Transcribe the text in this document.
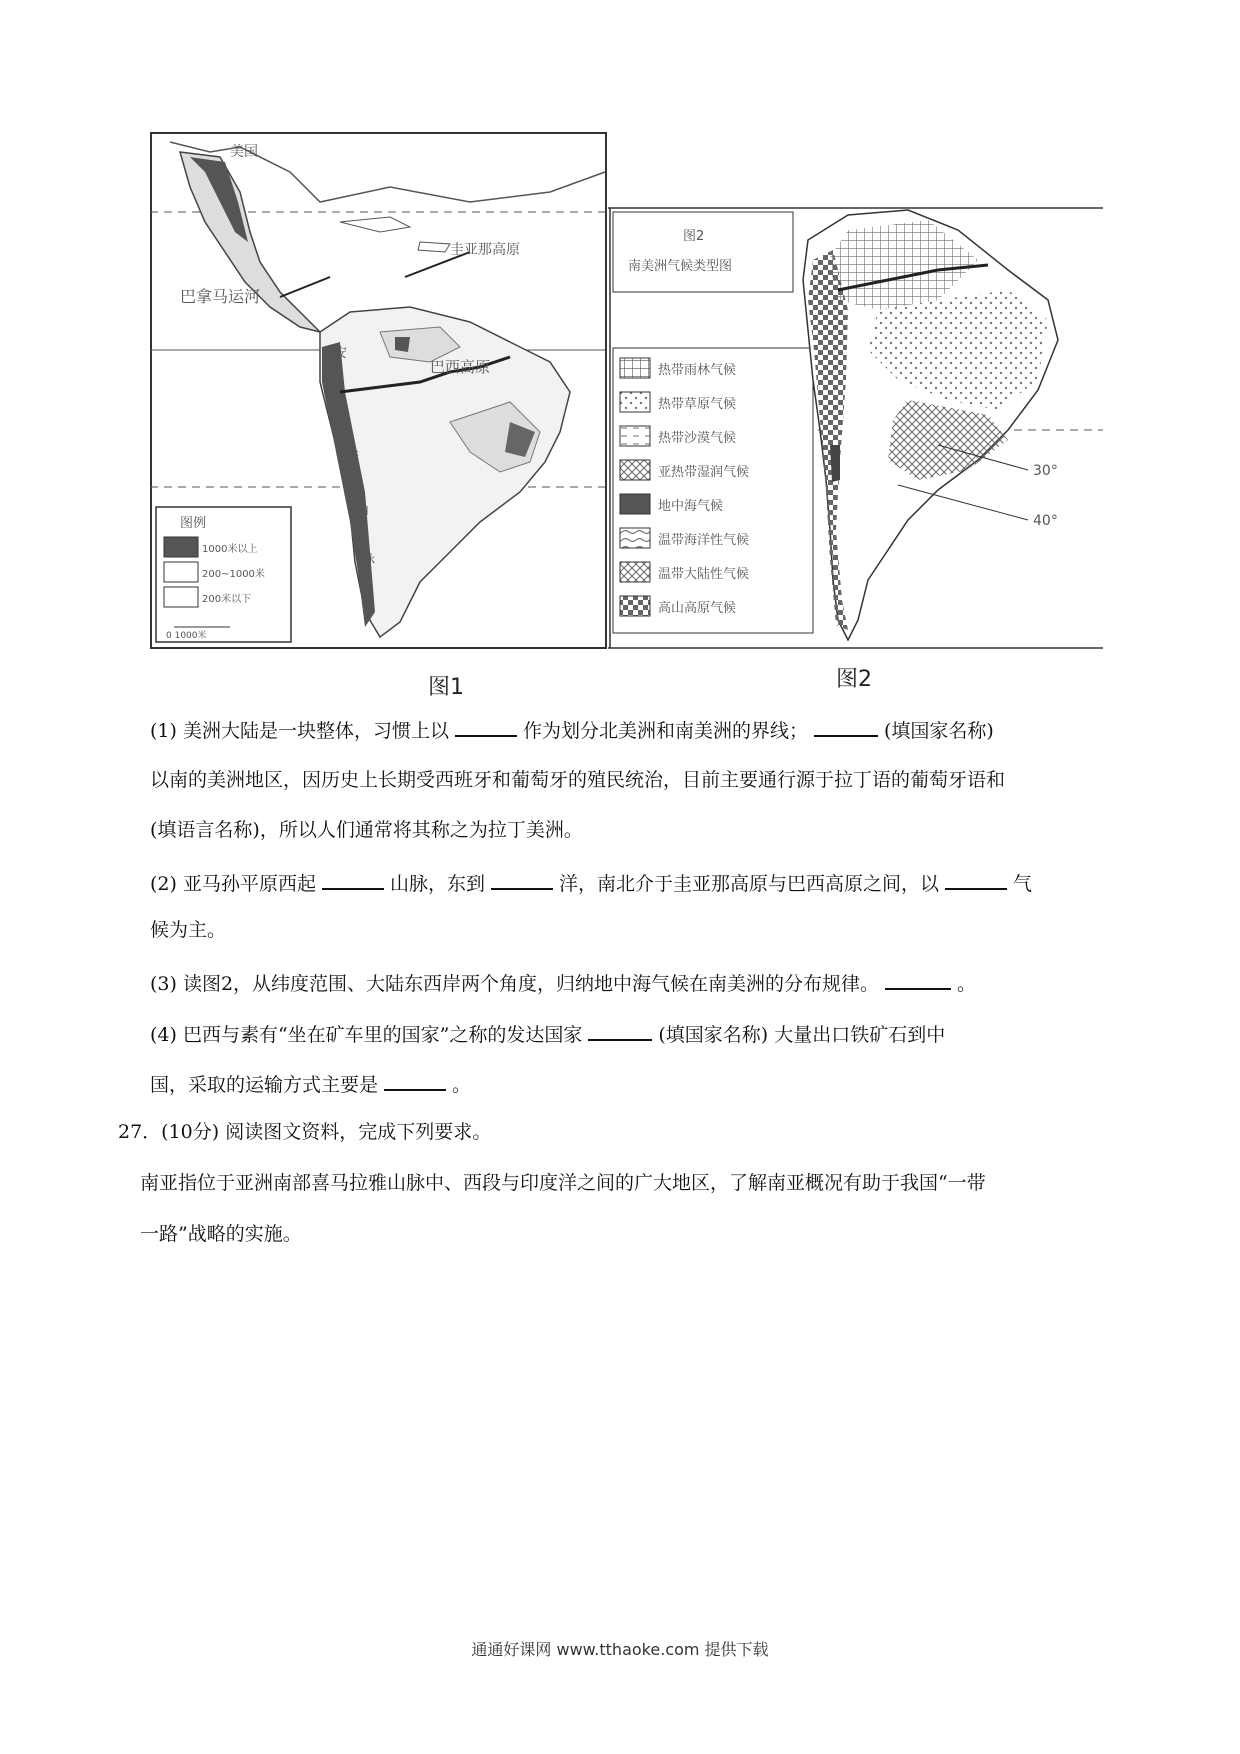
美国
圭亚那高原
巴拿马运河
巴西高原
安
第
斯
山
脉
图例
1000米以上
200~1000米
200米以下
0 1000米
图1
图2
南美洲气候类型图
热带雨林气候
热带草原气候
热带沙漠气候
亚热带湿润气候
地中海气候
温带海洋性气候
温带大陆性气候
高山高原气候
30°
40°
图2
(1) 美洲大陆是一块整体，习惯上以	作为划分北美洲和南美洲的界线；	(填国家名称)
以南的美洲地区，因历史上长期受西班牙和葡萄牙的殖民统治，目前主要通行源于拉丁语的葡萄牙语和
(填语言名称)，所以人们通常将其称之为拉丁美洲。
(2) 亚马孙平原西起	山脉，东到	洋，南北介于圭亚那高原与巴西高原之间，以	气
候为主。
(3) 读图2，从纬度范围、大陆东西岸两个角度，归纳地中海气候在南美洲的分布规律。	。
(4) 巴西与素有“坐在矿车里的国家”之称的发达国家	(填国家名称) 大量出口铁矿石到中
国，采取的运输方式主要是	。
27．(10分) 阅读图文资料，完成下列要求。
南亚指位于亚洲南部喜马拉雅山脉中、西段与印度洋之间的广大地区，了解南亚概况有助于我国“一带
一路”战略的实施。
通通好课网 www.tthaoke.com 提供下载
